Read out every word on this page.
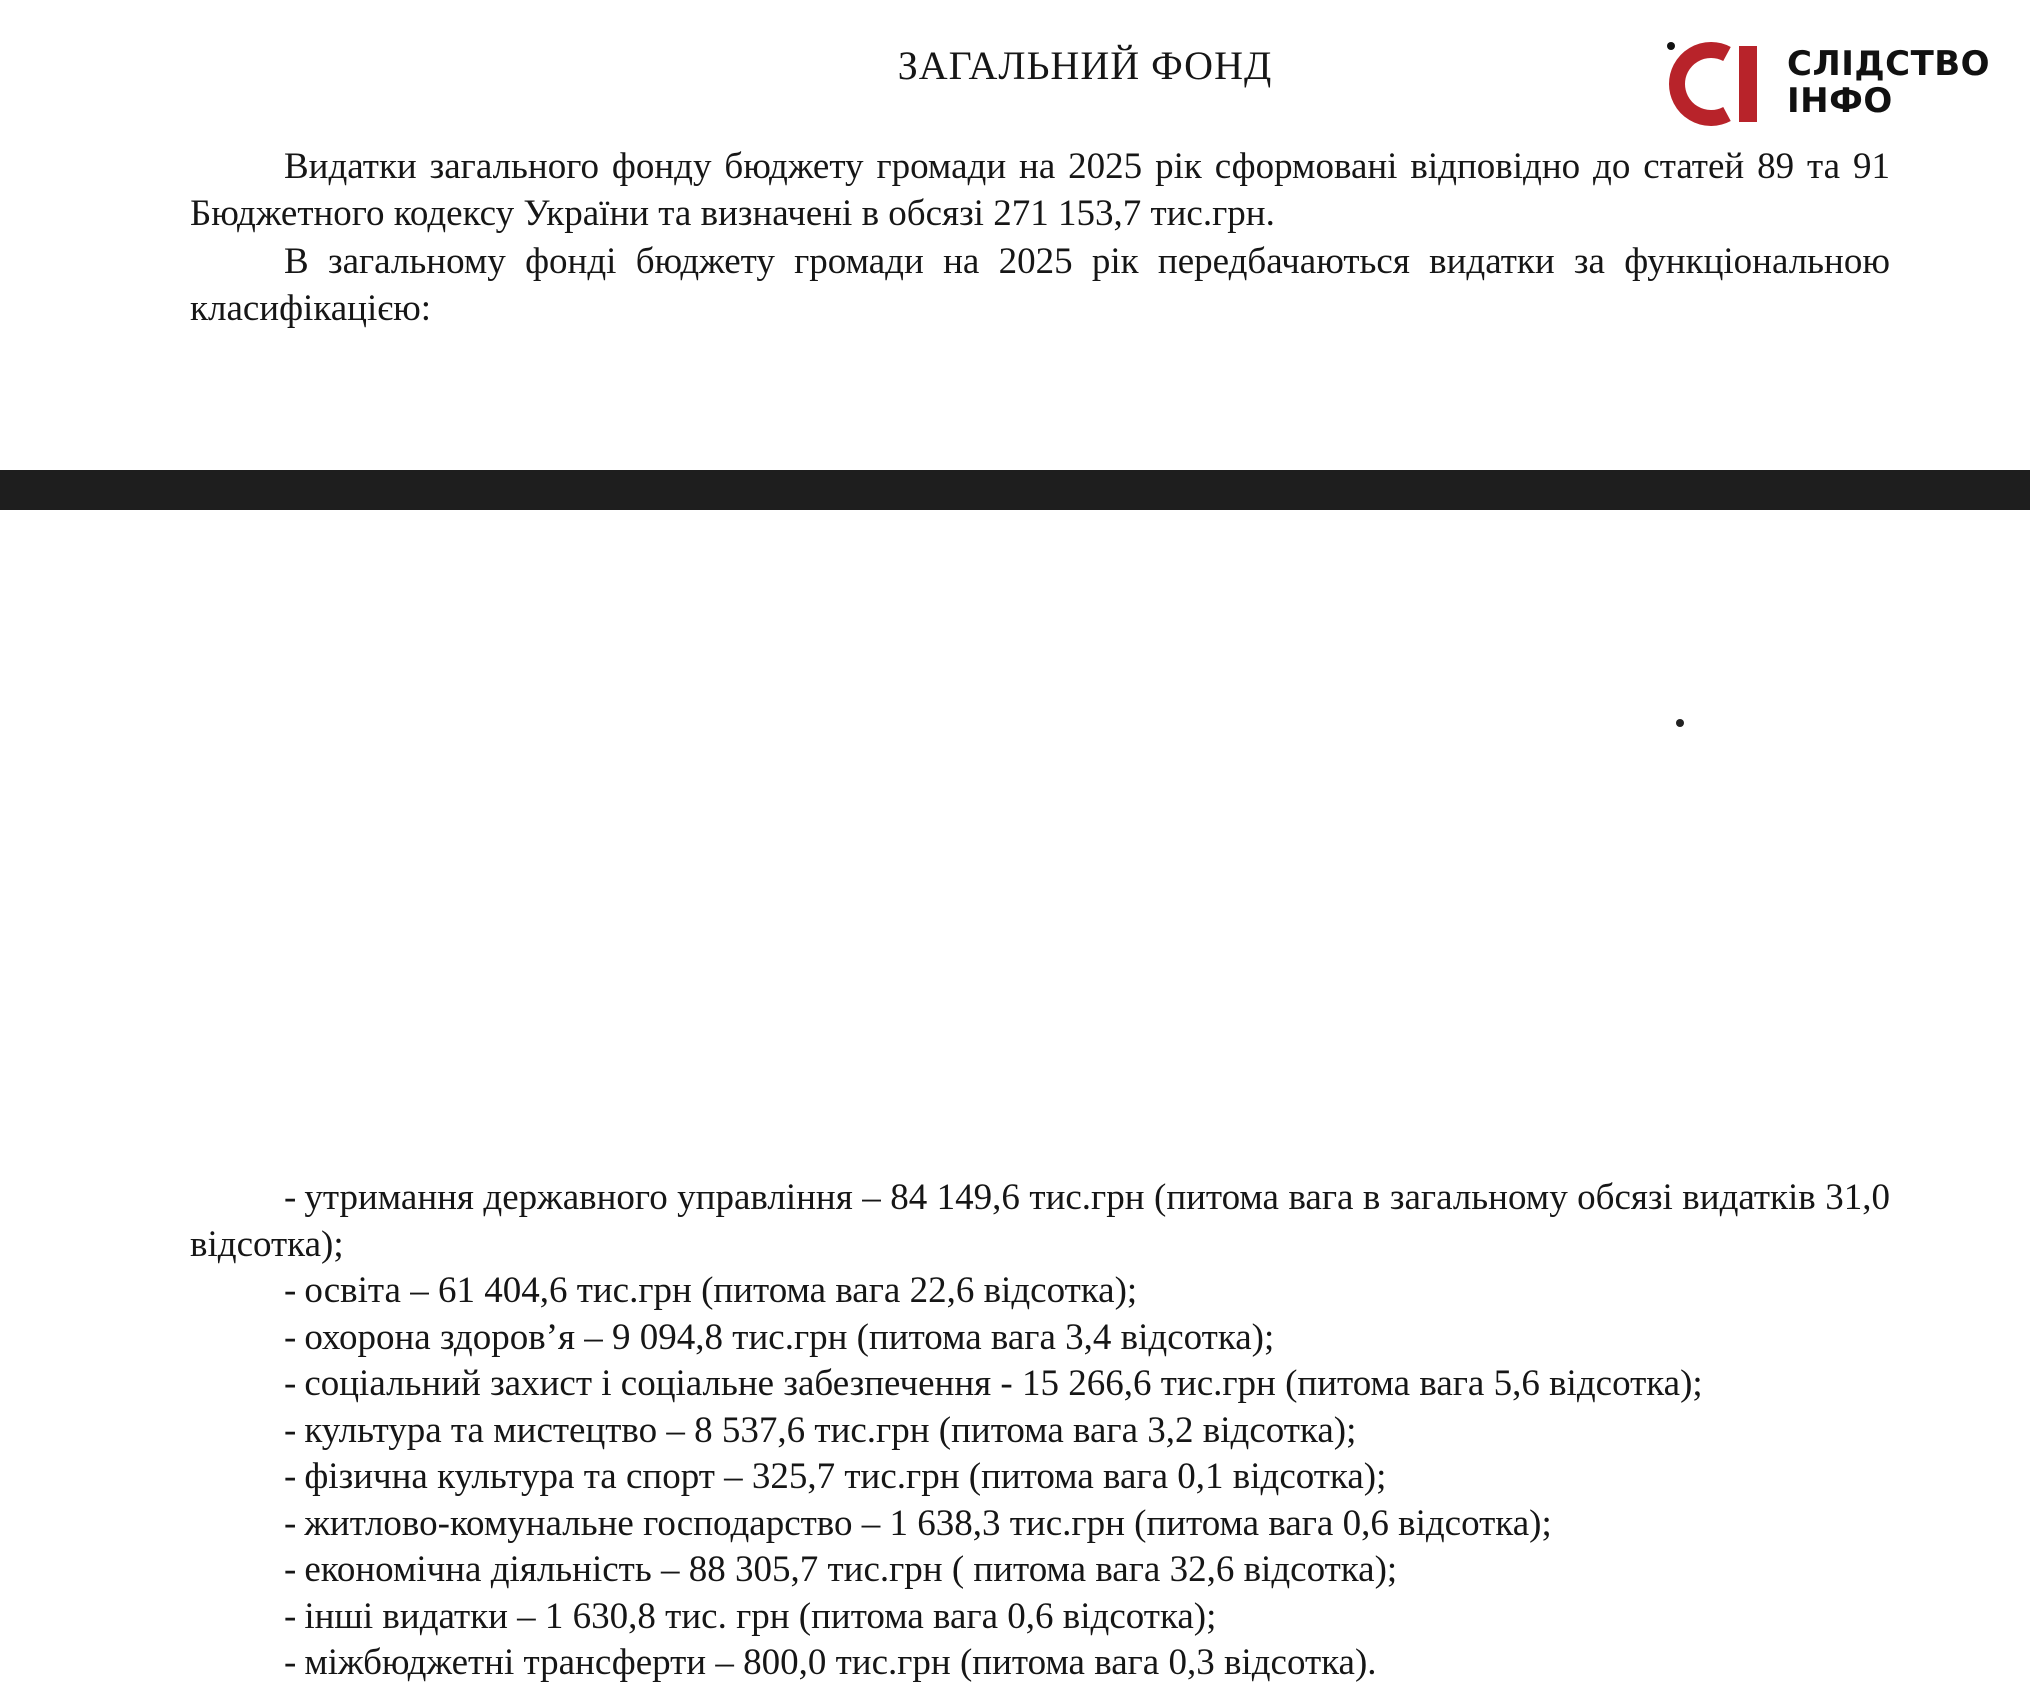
ЗАГАЛЬНИЙ ФОНД

Видатки загального фонду бюджету громади на 2025 рік сформовані відповідно до статей 89 та 91 Бюджетного кодексу України та визначені в обсязі 271 153,7 тис.грн.

В загальному фонді бюджету громади на 2025 рік передбачаються видатки за функціональною класифікацією:

СЛІДСТВО
ІНФО
- утримання державного управління – 84 149,6 тис.грн (питома вага в загальному обсязі видатків 31,0 відсотка);
- освіта – 61 404,6 тис.грн (питома вага 22,6 відсотка);
- охорона здоров’я – 9 094,8 тис.грн (питома вага 3,4 відсотка);
- соціальний захист і соціальне забезпечення - 15 266,6 тис.грн (питома вага 5,6 відсотка);
- культура та мистецтво – 8 537,6 тис.грн (питома вага 3,2 відсотка);
- фізична культура та спорт – 325,7 тис.грн (питома вага 0,1 відсотка);
- житлово-комунальне господарство – 1 638,3 тис.грн (питома вага 0,6 відсотка);
- економічна діяльність – 88 305,7 тис.грн ( питома вага 32,6 відсотка);
- інші видатки – 1 630,8 тис. грн (питома вага 0,6 відсотка);
- міжбюджетні трансферти – 800,0 тис.грн (питома вага 0,3 відсотка).
